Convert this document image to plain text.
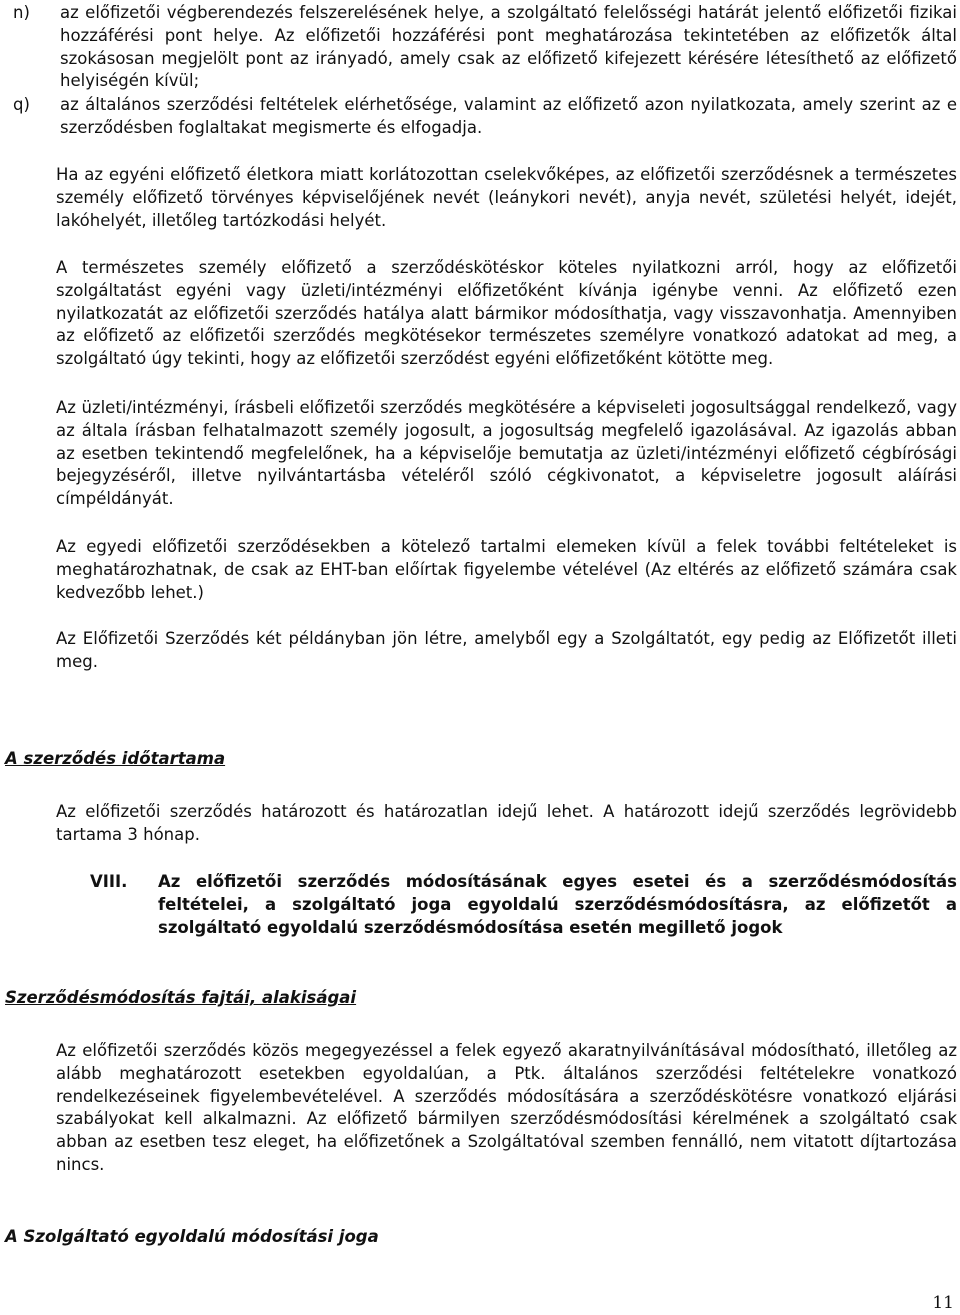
n) az előfizetői végberendezés felszerelésének helye, a szolgáltató felelősségi határát jelentő előfizetői fizikai hozzáférési pont helye. Az előfizetői hozzáférési pont meghatározása tekintetében az előfizetők által szokásosan megjelölt pont az irányadó, amely csak az előfizető kifejezett kérésére létesíthető az előfizető helyiségén kívül;
q) az általános szerződési feltételek elérhetősége, valamint az előfizető azon nyilatkozata, amely szerint az e szerződésben foglaltakat megismerte és elfogadja.
Ha az egyéni előfizető életkora miatt korlátozottan cselekvőképes, az előfizetői szerződésnek a természetes személy előfizető törvényes képviselőjének nevét (leánykori nevét), anyja nevét, születési helyét, idejét, lakóhelyét, illetőleg tartózkodási helyét.
A természetes személy előfizető a szerződéskötéskor köteles nyilatkozni arról, hogy az előfizetői szolgáltatást egyéni vagy üzleti/intézményi előfizetőként kívánja igénybe venni. Az előfizető ezen nyilatkozatát az előfizetői szerződés hatálya alatt bármikor módosíthatja, vagy visszavonhatja. Amennyiben az előfizető az előfizetői szerződés megkötésekor természetes személyre vonatkozó adatokat ad meg, a szolgáltató úgy tekinti, hogy az előfizetői szerződést egyéni előfizetőként kötötte meg.
Az üzleti/intézményi, írásbeli előfizetői szerződés megkötésére a képviseleti jogosultsággal rendelkező, vagy az általa írásban felhatalmazott személy jogosult, a jogosultság megfelelő igazolásával. Az igazolás abban az esetben tekintendő megfelelőnek, ha a képviselője bemutatja az üzleti/intézményi előfizető cégbírósági bejegyzéséről, illetve nyilvántartásba vételéről szóló cégkivonatot, a képviseletre jogosult aláírási címpéldányát.
Az egyedi előfizetői szerződésekben a kötelező tartalmi elemeken kívül a felek további feltételeket is meghatározhatnak, de csak az EHT-ban előírtak figyelembe vételével (Az eltérés az előfizető számára csak kedvezőbb lehet.)
Az Előfizetői Szerződés két példányban jön létre, amelyből egy a Szolgáltatót, egy pedig az Előfizetőt illeti meg.
A szerződés időtartama
Az előfizetői szerződés határozott és határozatlan idejű lehet. A határozott idejű szerződés legrövidebb tartama 3 hónap.
VIII. Az előfizetői szerződés módosításának egyes esetei és a szerződésmódosítás feltételei, a szolgáltató joga egyoldalú szerződésmódosításra, az előfizetőt a szolgáltató egyoldalú szerződésmódosítása esetén megillető jogok
Szerződésmódosítás fajtái, alakiságai
Az előfizetői szerződés közös megegyezéssel a felek egyező akaratnyilvánításával módosítható, illetőleg az alább meghatározott esetekben egyoldalúan, a Ptk. általános szerződési feltételekre vonatkozó rendelkezéseinek figyelembevételével. A szerződés módosítására a szerződéskötésre vonatkozó eljárási szabályokat kell alkalmazni. Az előfizető bármilyen szerződésmódosítási kérelmének a szolgáltató csak abban az esetben tesz eleget, ha előfizetőnek a Szolgáltatóval szemben fennálló, nem vitatott díjtartozása nincs.
A Szolgáltató egyoldalú módosítási joga
11
